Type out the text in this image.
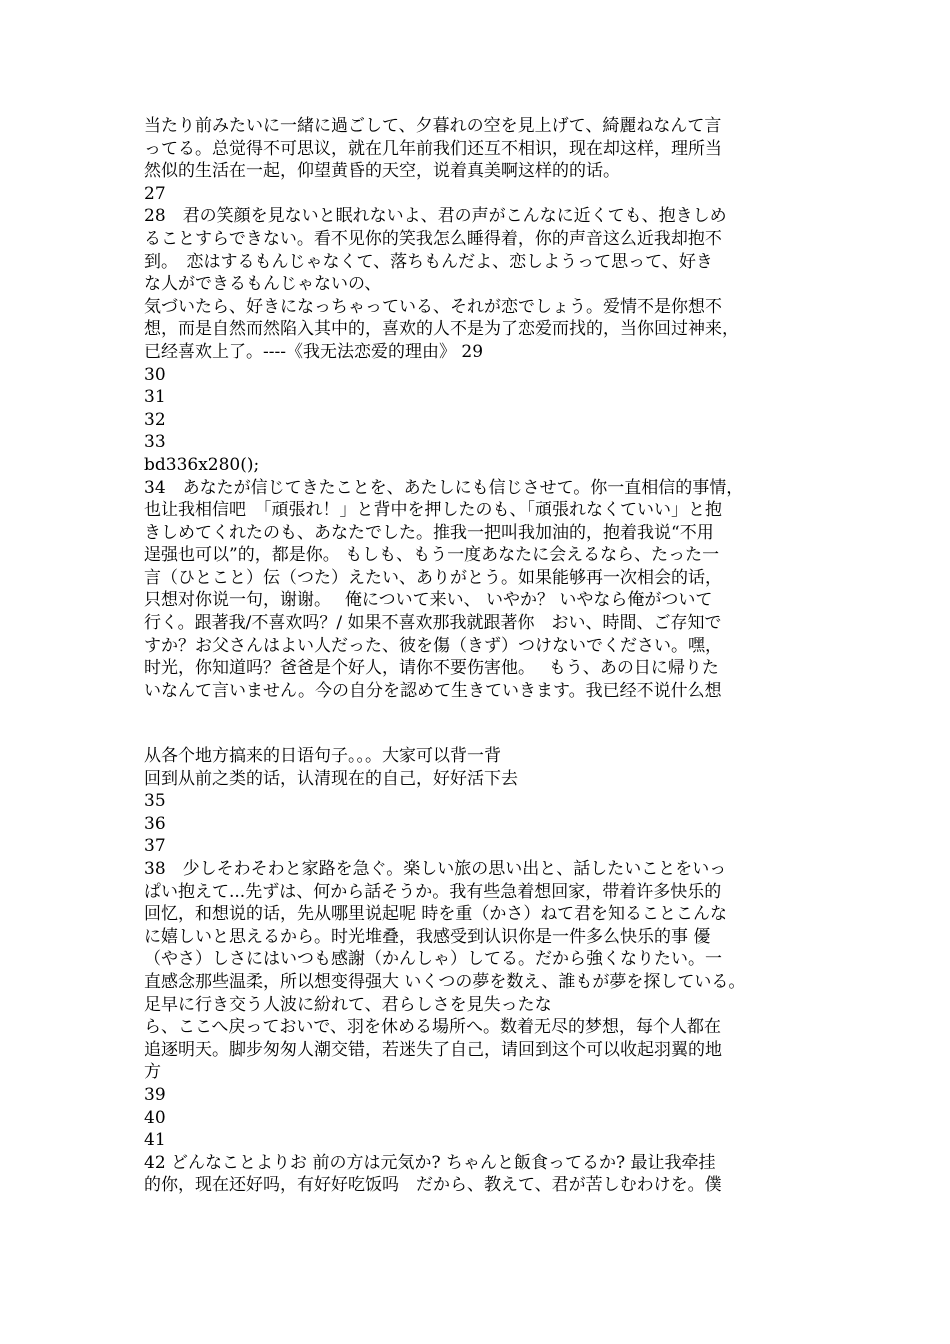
当たり前みたいに一緒に過ごして、夕暮れの空を見上げて、綺麗ねなんて言
ってる。总觉得不可思议，就在几年前我们还互不相识，现在却这样，理所当
然似的生活在一起，仰望黄昏的天空，说着真美啊这样的的话。
27
28　君の笑顔を見ないと眠れないよ、君の声がこんなに近くても、抱きしめ
ることすらできない。看不见你的笑我怎么睡得着，你的声音这么近我却抱不
到。　恋はするもんじゃなくて、落ちもんだよ、恋しようって思って、好き
な人ができるもんじゃないの、
気づいたら、好きになっちゃっている、それが恋でしょう。爱情不是你想不
想，而是自然而然陷入其中的，喜欢的人不是为了恋爱而找的，当你回过神来，
已经喜欢上了。----《我无法恋爱的理由》 29
30
31
32
33
bd336x280();
34　あなたが信じてきたことを、あたしにも信じさせて。你一直相信的事情，
也让我相信吧　「頑張れ！」と背中を押したのも、「頑張れなくていい」と抱
きしめてくれたのも、あなたでした。推我一把叫我加油的，抱着我说“不用
逞强也可以”的，都是你。 もしも、もう一度あなたに会えるなら、たった一
言（ひとこと）伝（つた）えたい、ありがとう。如果能够再一次相会的话，
只想对你说一句，谢谢。　 俺について来い、 いやか？ いやなら俺がついて
行く。跟著我/不喜欢吗？/ 如果不喜欢那我就跟著你　おい、時間、ご存知で
すか？お父さんはよい人だった、彼を傷（きず）つけないでください。嘿，
时光，你知道吗？爸爸是个好人，请你不要伤害他。　 もう、あの日に帰りた
いなんて言いません。今の自分を認めて生きていきます。我已经不说什么想
从各个地方搞来的日语句子。。。大家可以背一背
回到从前之类的话，认清现在的自己，好好活下去
35
36
37
38　少しそわそわと家路を急ぐ。楽しい旅の思い出と、話したいことをいっ
ぱい抱えて...先ずは、何から話そうか。我有些急着想回家，带着许多快乐的
回忆，和想说的话，先从哪里说起呢 時を重（かさ）ねて君を知ることこんな
に嬉しいと思えるから。时光堆叠，我感受到认识你是一件多么快乐的事 優
（やさ）しさにはいつも感謝（かんしゃ）してる。だから強くなりたい。一
直感念那些温柔，所以想变得强大 いくつの夢を数え、誰もが夢を探している。
足早に行き交う人波に紛れて、君らしさを見失ったな
ら、ここへ戻っておいで、羽を休める場所へ。数着无尽的梦想，每个人都在
追逐明天。脚步匆匆人潮交错，若迷失了自己，请回到这个可以收起羽翼的地
方
39
40
41
42 どんなことよりお 前の方は元気か? ちゃんと飯食ってるか? 最让我牵挂
的你，现在还好吗，有好好吃饭吗　だから、教えて、君が苦しむわけを。僕
